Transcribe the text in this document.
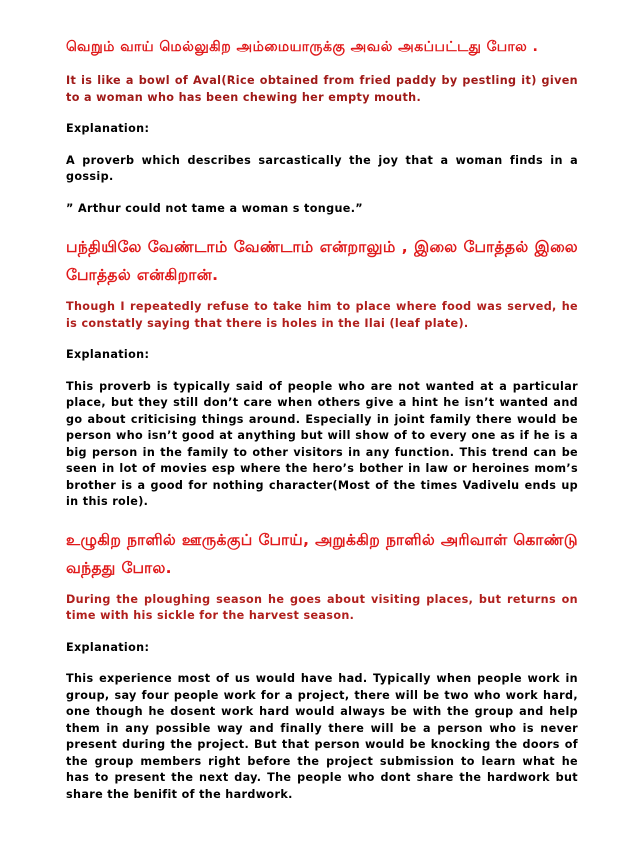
வெறும் வாய் மெல்லுகிற அம்மையாருக்கு அவல் அகப்பட்டது போல .

It is like a bowl of Aval(Rice obtained from fried paddy by pestling it) given to a woman who has been chewing her empty mouth.

Explanation:

A proverb which describes sarcastically the joy that a woman finds in a gossip.

” Arthur could not tame a woman s tongue.”

பந்தியிலே வேண்டாம் வேண்டாம் என்றாலும் , இலை போத்தல் இலை போத்தல் என்கிறான்.

Though I repeatedly refuse to take him to place where food was served, he is constatly saying that there is holes in the Ilai (leaf plate).

Explanation:

This proverb is typically said of people who are not wanted at a particular place, but they still don’t care when others give a hint he isn’t wanted and go about criticising things around. Especially in joint family there would be person who isn’t good at anything but will show of to every one as if he is a big person in the family to other visitors in any function. This trend can be seen in lot of movies esp where the hero’s bother in law or heroines mom’s brother is a good for nothing character(Most of the times Vadivelu ends up in this role).

உழுகிற நாளில் ஊருக்குப் போய், அறுக்கிற நாளில் அரிவாள் கொண்டு வந்தது போல.

During the ploughing season he goes about visiting places, but returns on time with his sickle for the harvest season.

Explanation:

This experience most of us would have had. Typically when people work in group, say four people work for a project, there will be two who work hard, one though he dosent work hard would always be with the group and help them in any possible way and finally there will be a person who is never present during the project. But that person would be knocking the doors of the group members right before the project submission to learn what he has to present the next day. The people who dont share the hardwork but share the benifit of the hardwork.
